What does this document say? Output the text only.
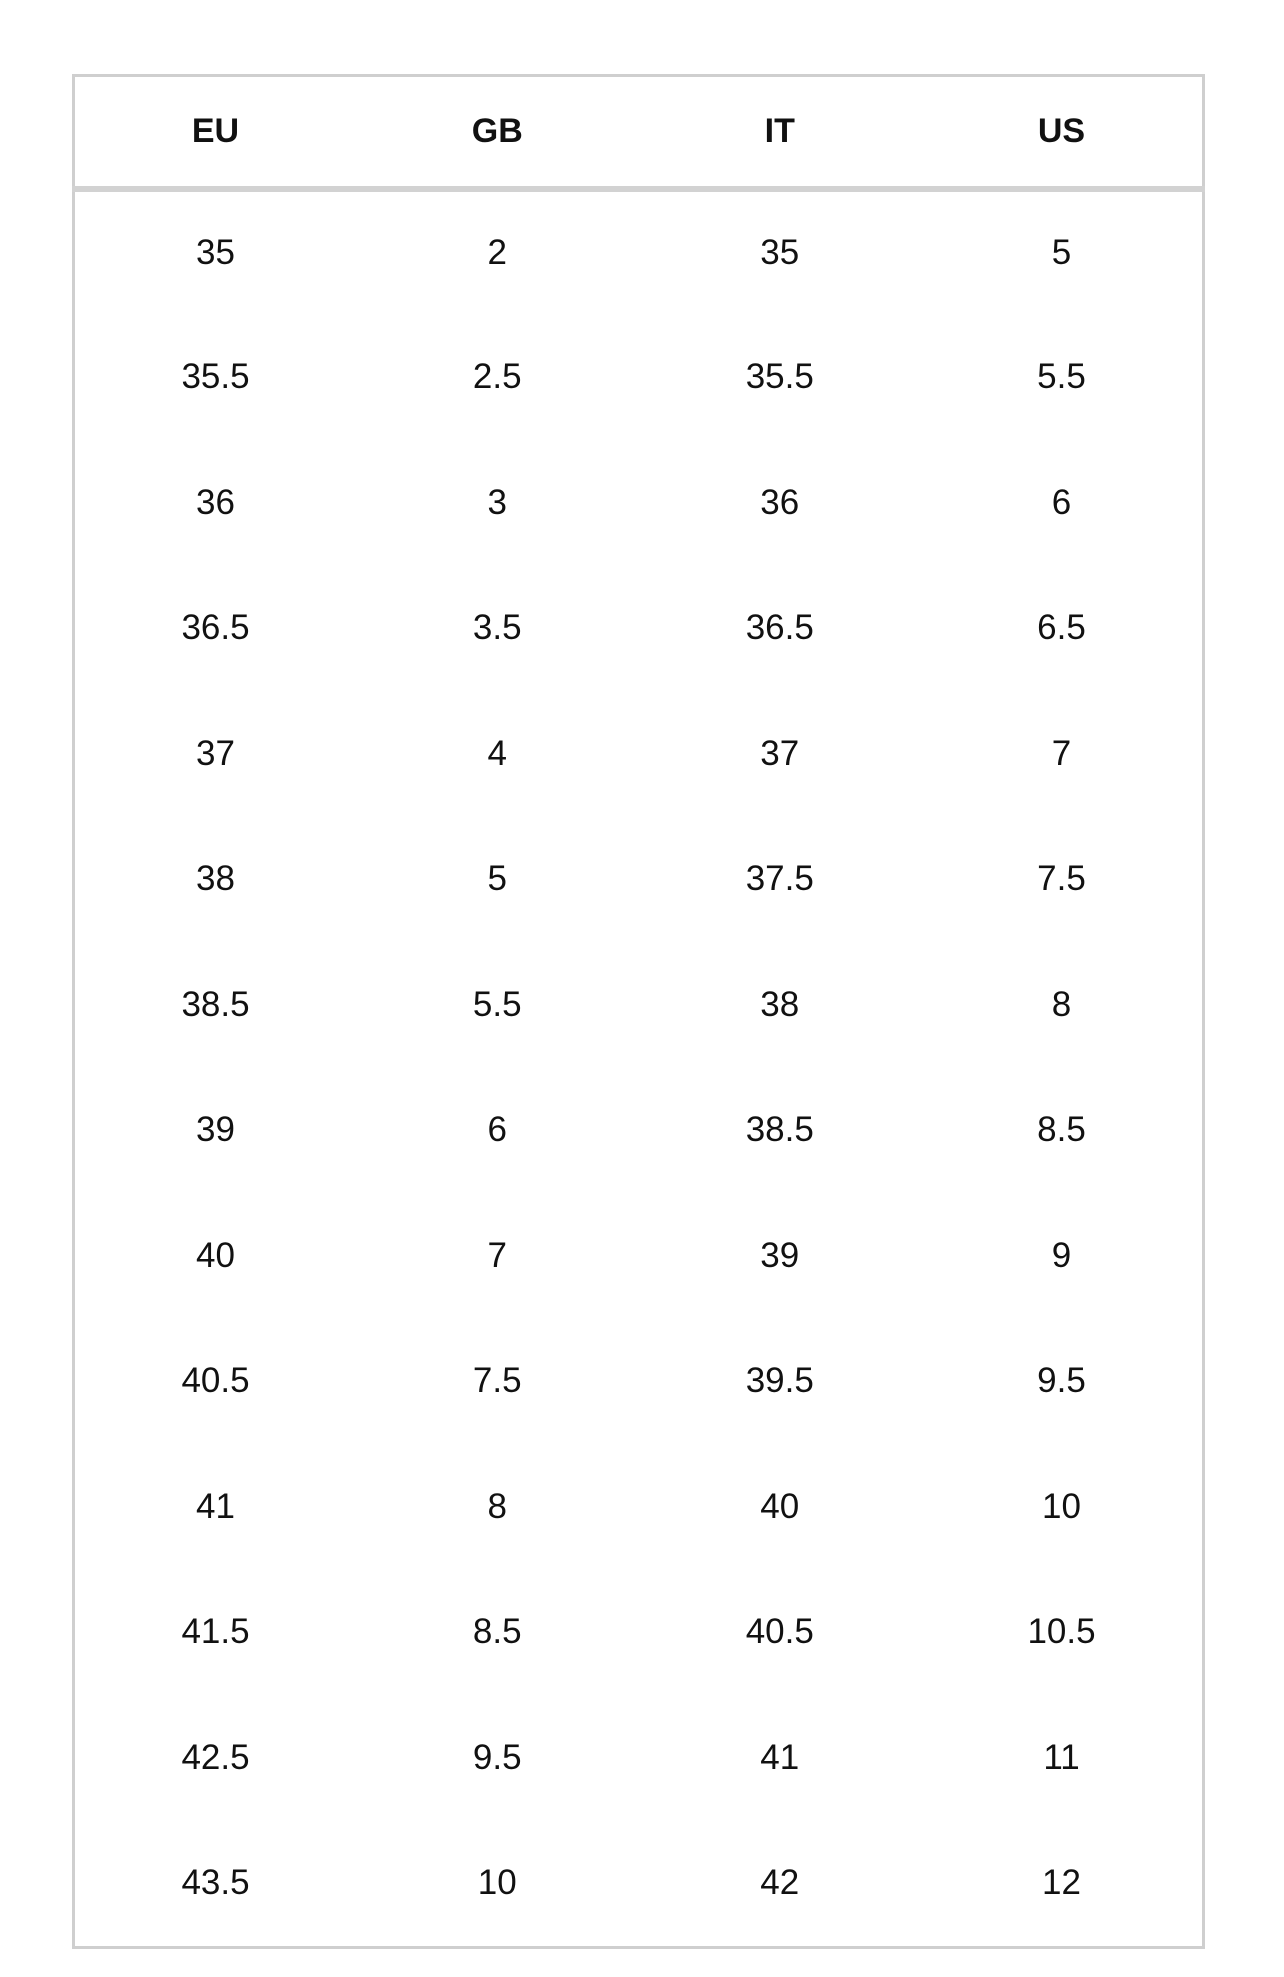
EU	GB	IT	US
35	2	35	5
35.5	2.5	35.5	5.5
36	3	36	6
36.5	3.5	36.5	6.5
37	4	37	7
38	5	37.5	7.5
38.5	5.5	38	8
39	6	38.5	8.5
40	7	39	9
40.5	7.5	39.5	9.5
41	8	40	10
41.5	8.5	40.5	10.5
42.5	9.5	41	11
43.5	10	42	12
